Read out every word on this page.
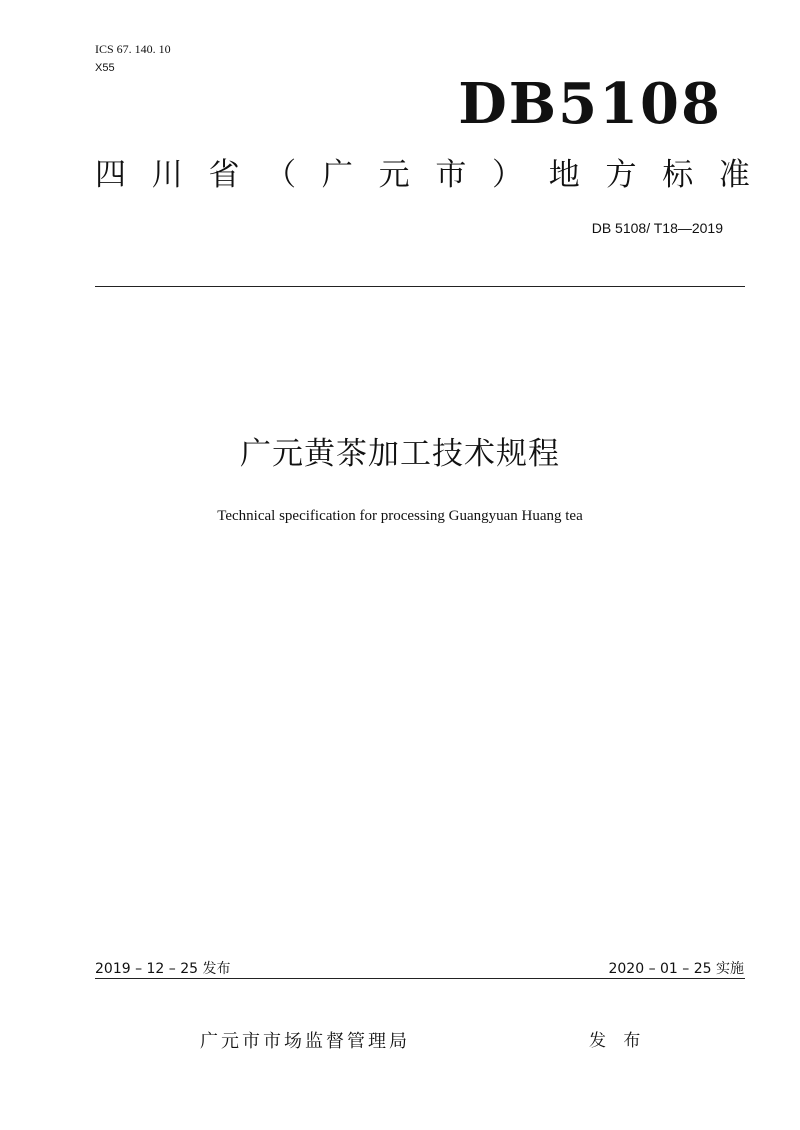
ICS 67. 140. 10
X55
DB5108
四 川 省 （ 广 元 市 ） 地 方 标 准
DB 5108/ T18—2019
广元黄茶加工技术规程
Technical specification for processing Guangyuan Huang tea
2019 – 12 – 25 发布	2020 – 01 – 25 实施
广元市市场监督管理局	发 布
